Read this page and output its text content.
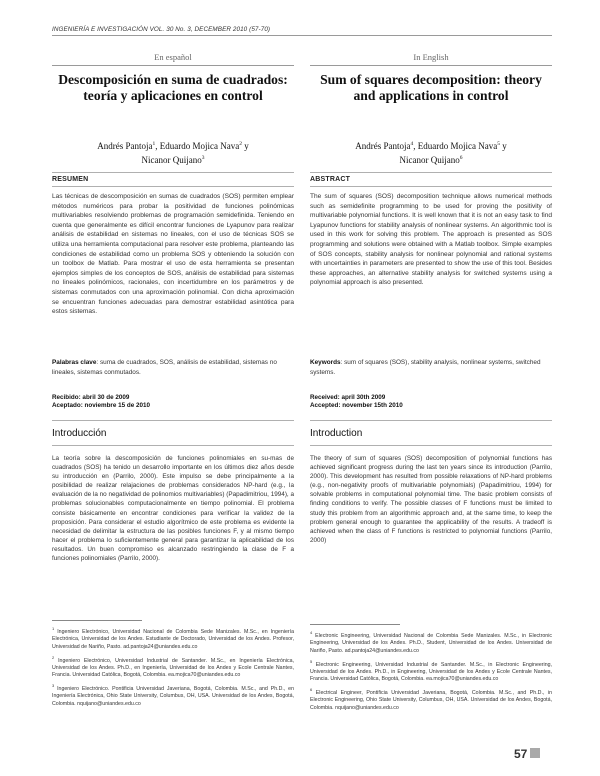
INGENIERÍA E INVESTIGACIÓN VOL. 30 No. 3, DECEMBER 2010 (57-70)
En español
Descomposición en suma de cuadrados: teoría y aplicaciones en control
Andrés Pantoja$^1$, Eduardo Mojica Nava$^2$ y
Nicanor Quijano$^3$
RESUMEN
Las técnicas de descomposición en sumas de cuadrados (SOS) permiten emplear métodos numéricos para probar la positividad de funciones polinómicas multivariables resolviendo problemas de programación semidefinida. Teniendo en cuenta que generalmente es difícil encontrar funciones de Lyapunov para realizar análisis de estabilidad en sistemas no lineales, con el uso de técnicas SOS se utiliza una herramienta computacional para resolver este problema, planteando las condiciones de estabilidad como un problema SOS y obteniendo la solución con un toolbox de Matlab. Para mostrar el uso de esta herramienta se presentan ejemplos simples de los conceptos de SOS, análisis de estabilidad para sistemas no lineales polinómicos, racionales, con incertidumbre en los parámetros y de sistemas conmutados con una aproximación polinomial. Con dicha aproximación se encuentran funciones adecuadas para demostrar estabilidad asintótica para estos sistemas.
Palabras clave: suma de cuadrados, SOS, análisis de estabilidad, sistemas no lineales, sistemas conmutados.
Recibido: abril 30 de 2009
Aceptado: noviembre 15 de 2010
Introducción
La teoría sobre la descomposición de funciones polinomiales en su-mas de cuadrados (SOS) ha tenido un desarrollo importante en los últimos diez años desde su introducción en (Parrilo, 2000). Este impulso se debe principalmente a la posibilidad de realizar relajaciones de problemas considerados NP-hard (e.g., la evaluación de la no negatividad de polinomios multivariables) (Papadimitriou, 1994), a problemas solucionables computacionalmente en tiempo polinomial. El problema consiste básicamente en encontrar condiciones para verificar la validez de la proposición. Para considerar el estudio algorítmico de este problema es evidente la necesidad de delimitar la estructura de las posibles funciones F, y al mismo tiempo hacer el problema lo suficientemente general para garantizar la aplicabilidad de los resultados. Un buen compromiso es alcanzado restringiendo la clase de F a funciones polinomiales (Parrilo, 2000).
In English
Sum of squares decomposition: theory and applications in control
Andrés Pantoja$^4$, Eduardo Mojica Nava$^5$ y
Nicanor Quijano$^6$
ABSTRACT
The sum of squares (SOS) decomposition technique allows numerical methods such as semidefinite programming to be used for proving the positivity of multivariable polynomial functions. It is well known that it is not an easy task to find Lyapunov functions for stability analysis of nonlinear systems. An algorithmic tool is used in this work for solving this problem. The approach is presented as SOS programming and solutions were obtained with a Matlab toolbox. Simple examples of SOS concepts, stability analysis for nonlinear polynomial and rational systems with uncertainties in parameters are presented to show the use of this tool. Besides these approaches, an alternative stability analysis for switched systems using a polynomial approach is also presented.
Keywords: sum of squares (SOS), stability analysis, nonlinear systems, switched systems.
Received: april 30th 2009
Accepted: november 15th 2010
Introduction
The theory of sum of squares (SOS) decomposition of polynomial functions has achieved significant progress during the last ten years since its introduction (Parrilo, 2000). This development has resulted from possible relaxations of NP-hard problems (e.g., non-negativity proofs of multivariable polynomials) (Papadimitriou, 1994) for solvable problems in computational polynomial time. The basic problem consists of finding conditions to verify. The possible classes of F functions must be limited to study this problem from an algorithmic approach and, at the same time, to keep the problem general enough to guarantee the applicability of the results. A tradeoff is achieved when the class of F functions is restricted to polynomial functions (Parrilo, 2000)
$^1$ Ingeniero Electrónico, Universidad Nacional de Colombia Sede Manizales. M.Sc., en Ingeniería Electrónica, Universidad de los Andes. Estudiante de Doctorado, Universidad de los Andes. Profesor, Universidad de Nariño, Pasto. ad.pantoja24@uniandes.edu.co
$^2$ Ingeniero Electrónico, Universidad Industrial de Santander. M.Sc., en Ingeniería Electrónica, Universidad de los Andes. Ph.D., en Ingeniería, Universidad de los Andes y Ecole Centrale Nantes, Francia. Universidad Católica, Bogotá, Colombia. ea.mojica70@uniandes.edu.co
$^3$ Ingeniero Electrónico. Pontificia Universidad Javeriana, Bogotá, Colombia. M.Sc., and Ph.D., en Ingeniería Electrónica, Ohio State University, Columbus, OH, USA. Universidad de los Andes, Bogotá, Colombia. nquijano@uniandes.edu.co
$^4$ Electronic Engineering, Universidad Nacional de Colombia Sede Manizales. M.Sc., in Electronic Engineering, Universidad de los Andes. Ph.D., Student, Universidad de los Andes. Universidad de Nariño, Pasto. ad.pantoja24@uniandes.edu.co
$^5$ Electronic Engineering, Universidad Industrial de Santander. M.Sc., in Electronic Engineering, Universidad de los Andes. Ph.D., in Engineering, Universidad de los Andes y Ecole Centrale Nantes, Francia. Universidad Católica, Bogotá, Colombia. ea.mojica70@uniandes.edu.co
$^6$ Electrical Engineer, Pontificia Universidad Javeriana, Bogotá, Colombia. M.Sc., and Ph.D., in Electronic Engineering, Ohio State University, Columbus, OH, USA. Universidad de los Andes, Bogotá, Colombia. nquijano@uniandes.edu.co
57
